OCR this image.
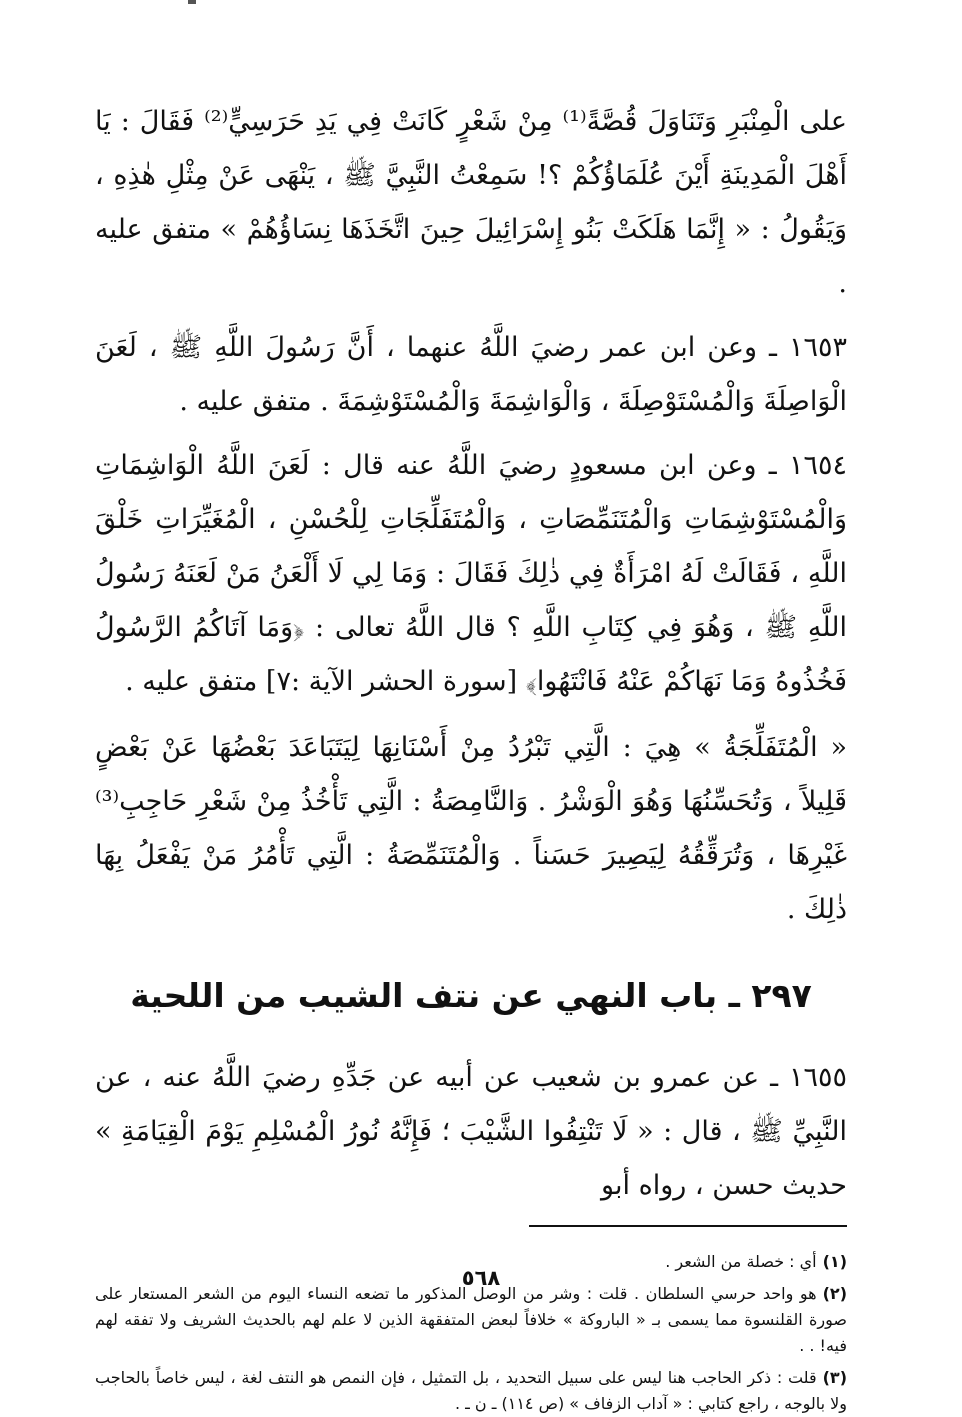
على الْمِنْبَرِ وَتَنَاوَلَ قُصَّةً⁽¹⁾ مِنْ شَعْرٍ كَانَتْ فِي يَدِ حَرَسِيٍّ⁽²⁾ فَقَالَ : يَا أَهْلَ الْمَدِينَةِ أَيْنَ عُلَمَاؤُكُمْ ؟! سَمِعْتُ النَّبِيَّ ﷺ ، يَنْهَى عَنْ مِثْلِ هٰذِهِ ، وَيَقُولُ : « إِنَّمَا هَلَكَتْ بَنُو إِسْرَائِيلَ حِينَ اتَّخَذَهَا نِسَاؤُهُمْ » متفق عليه .

١٦٥٣ ـ وعن ابن عمر رضيَ اللَّهُ عنهما ، أَنَّ رَسُولَ اللَّهِ ﷺ ، لَعَنَ الْوَاصِلَةَ وَالْمُسْتَوْصِلَةَ ، وَالْوَاشِمَةَ وَالْمُسْتَوْشِمَةَ . متفق عليه .

١٦٥٤ ـ وعن ابن مسعودٍ رضيَ اللَّهُ عنه قال : لَعَنَ اللَّهُ الْوَاشِمَاتِ وَالْمُسْتَوْشِمَاتِ وَالْمُتَنَمِّصَاتِ ، وَالْمُتَفَلِّجَاتِ لِلْحُسْنِ ، الْمُغَيِّرَاتِ خَلْقَ اللَّهِ ، فَقَالَتْ لَهُ امْرَأَةٌ فِي ذٰلِكَ فَقَالَ : وَمَا لِي لَا أَلْعَنُ مَنْ لَعَنَهُ رَسُولُ اللَّهِ ﷺ ، وَهُوَ فِي كِتَابِ اللَّهِ ؟ قال اللَّهُ تعالى : ﴿وَمَا آتَاكُمُ الرَّسُولُ فَخُذُوهُ وَمَا نَهَاكُمْ عَنْهُ فَانْتَهُوا﴾ [سورة الحشر الآية :٧] متفق عليه .

« الْمُتَفَلِّجَةُ » هِيَ : الَّتِي تَبْرُدُ مِنْ أَسْنَانِهَا لِيَتَبَاعَدَ بَعْضُهَا عَنْ بَعْضٍ قَلِيلاً ، وَتُحَسِّنُهَا وَهُوَ الْوَشْرُ . وَالنَّامِصَةُ : الَّتِي تَأْخُذُ مِنْ شَعْرِ حَاجِبِ⁽³⁾ غَيْرِهَا ، وَتُرَقِّقُهُ لِيَصِيرَ حَسَناً . وَالْمُتَنَمِّصَةُ : الَّتِي تَأْمُرُ مَنْ يَفْعَلُ بِهَا ذٰلِكَ .

٢٩٧ ـ باب النهي عن نتف الشيب من اللحية

١٦٥٥ ـ عن عمرو بن شعيب عن أبيه عن جَدِّهِ رضيَ اللَّهُ عنه ، عن النَّبِيِّ ﷺ ، قال : « لَا تَنْتِفُوا الشَّيْبَ ؛ فَإِنَّهُ نُورُ الْمُسْلِمِ يَوْمَ الْقِيَامَةِ » حديث حسن ، رواه أبو

(١)أي : خصلة من الشعر .

(٢)هو واحد حرسي السلطان . قلت : وشر من الوصل المذكور ما تضعه النساء اليوم من الشعر المستعار على صورة القلنسوة مما يسمى بـ « الباروكة » خلافاً لبعض المتفقهة الذين لا علم لهم بالحديث الشريف ولا تفقه لهم فيه! . .

(٣)قلت : ذكر الحاجب هنا ليس على سبيل التحديد ، بل التمثيل ، فإن النمص هو النتف لغة ، ليس خاصاً بالحاجب ولا بالوجه ، راجع كتابي : « آداب الزفاف » (ص ١١٤) ـ ن ـ .

٥٦٨
